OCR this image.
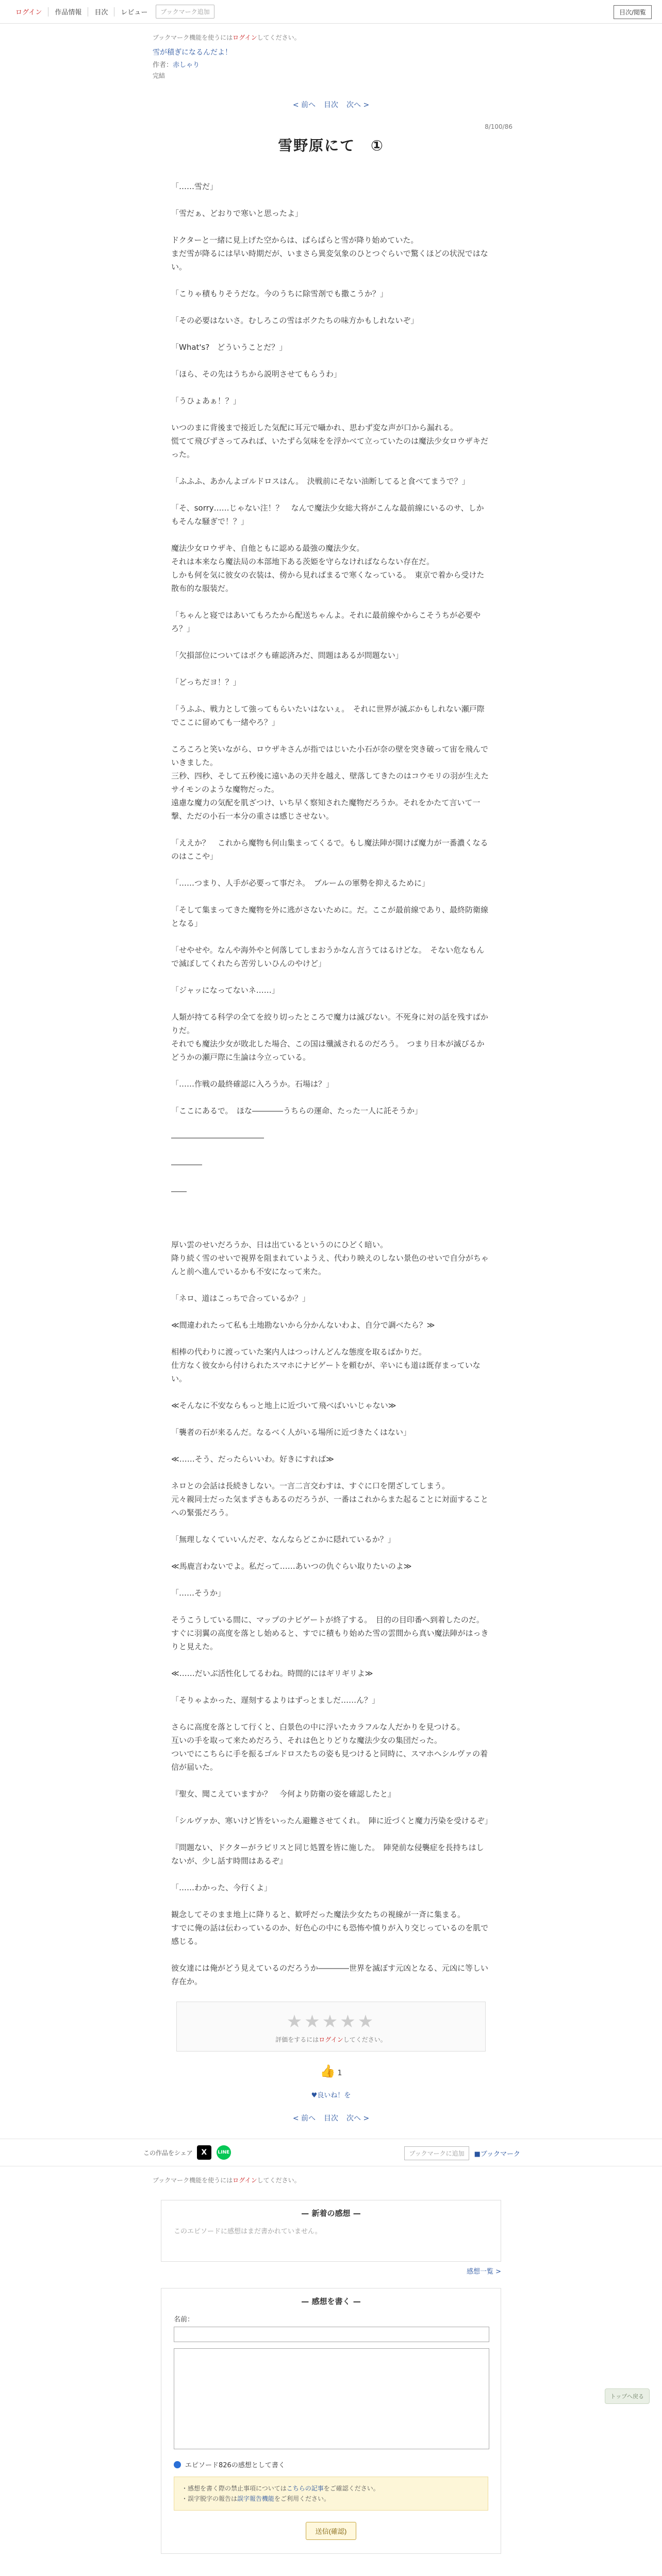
ログイン	作品情報	目次	レビュー	ブックマーク追加	目次/閲覧
ブックマーク機能を使うにはログインしてください。
雪が積ぎになるんだよ！
作者：赤しゃり
完結
< 前へ 目次 次へ >
8/100/86
雪野原にて　①

「……雪だ」

「雪だぁ、どおりで寒いと思ったよ」

ドクターと一緒に見上げた空からは、ぱらぱらと雪が降り始めていた。
まだ雪が降るには早い時期だが、いまさら異変気象のひとつぐらいで驚くほどの状況ではない。

「こりゃ積もりそうだな。今のうちに除雪剤でも撒こうか？」

「その必要はないさ。むしろこの雪はボクたちの味方かもしれないぞ」

「What's?　どういうことだ？」

「ほら、その先はうちから説明させてもらうわ」

「うひょあぁ！？」

いつのまに背後まで接近した気配に耳元で囁かれ、思わず変な声が口から漏れる。
慌てて飛びずさってみれば、いたずら気味をを浮かべて立っていたのは魔法少女ロウザキだった。

「ふふふ、あかんよゴルドロスはん。　決戦前にそない油断してると食べてまうで？」

「そ、sorry……じゃない注！？　なんで魔法少女総大将がこんな最前線にいるのサ、しかもそんな騒ぎで！？」

魔法少女ロウザキ、自他ともに認める最強の魔法少女。
それは本来なら魔法局の本部地下ある茨姫を守らなければならない存在だ。
しかも何を気に彼女の衣装は、傍から見ればまるで寒くなっている。　東京で着から受けた散布的な服装だ。

「ちゃんと寝ではあいてもろたから配送ちゃんよ。それに最前線やからこそうちが必要やろ？」

「欠損部位についてはボクも確認済みだ、問題はあるが問題ない」

「どっちだヨ！？」

「うふふ、戦力として強ってもらいたいはないぇ。　それに世界が滅ぶかもしれない瀬戸際でここに留めても一緒やろ？」

ころころと笑いながら、ロウザキさんが指ではじいた小石が奈の壁を突き破って宙を飛んでいきました。
三秒、四秒、そして五秒後に遠いあの天井を越え、壁落してきたのはコウモリの羽が生えたサイモンのような魔物だった。
遠慮な魔力の気配を肌ざつけ、いち早く察知された魔物だろうか。それをかたて言いて一撃、ただの小石一本分の重さは感じさせない。

「ええか？　これから魔物も何山集まってくるで。もし魔法陣が開けば魔力が一番濃くなるのはここや」

「……つまり、人手が必要って事だネ。　ブルームの軍勢を抑えるために」

「そして集まってきた魔物を外に逃がさないために。だ。ここが最前線であり、最終防衛線となる」

「せやせや。なんや海外やと何落してしまおうかなん言うてはるけどな。　そない危なもんで滅ぼしてくれたら苦労しいひんのやけど」

「ジャッになってないネ……」

人類が持てる科学の全てを絞り切ったところで魔力は滅びない。不死身に対の話を残すばかりだ。
それでも魔法少女が敗北した場合、この国は殲滅されるのだろう。　つまり日本が滅びるかどうかの瀬戸際に生論は今立っている。

「……作戦の最終確認に入ろうか。石場は？」

「ここにあるで。　ほな――――うちらの運命、たった一人に託そうか」

――――――――――――

――――

――

厚い雲のせいだろうか、日は出ているというのにひどく暗い。
降り続く雪のせいで視界を阻まれていようえ、代わり映えのしない景色のせいで自分がちゃんと前へ進んでいるかも不安になって来た。

「ネロ、道はこっちで合っているか？」

≪間違われたって私も土地勘ないから分かんないわよ、自分で調べたら？≫

相棒の代わりに渡っていた案内人はつっけんどんな態度を取るばかりだ。
仕方なく彼女から付けられたスマホにナビゲートを頼むが、辛いにも道は既存まっていない。

≪そんなに不安ならもっと地上に近づいて飛べばいいじゃない≫

「襲者の石が来るんだ。なるべく人がいる場所に近づきたくはない」

≪……そう、だったらいいわ。好きにすれば≫

ネロとの会話は長続きしない。一言二言交わすは、すぐに口を閉ざしてしまう。
元々親同士だった気まずさもあるのだろうが、一番はこれからまた起ることに対面することへの緊張だろう。

「無理しなくていいんだぞ、なんならどこかに隠れているか？」

≪馬鹿言わないでよ。私だって……あいつの仇ぐらい取りたいのよ≫

「……そうか」

そうこうしている間に、マップのナビゲートが終了する。　目的の目印番へ到着したのだ。
すぐに羽翼の高度を落とし始めると、すでに積もり始めた雪の雲間から真い魔法陣がはっきりと見えた。

≪……だいぶ活性化してるわね。時間的にはギリギリよ≫

「そりゃよかった、遅刻するよりはずっとましだ……ん？」

さらに高度を落として行くと、白景色の中に浮いたカラフルな人だかりを見つける。
互いの手を取って来ためだろう、それは色とりどりな魔法少女の集団だった。
ついでにこちらに手を振るゴルドロスたちの姿も見つけると同時に、スマホヘシルヴァの着信が届いた。

『聖女、聞こえていますか？　今何より防衛の姿を確認したと』

「シルヴァか、寒いけど皆をいったん避難させてくれ。　陣に近づくと魔力汚染を受けるぞ」

『問題ない、ドクターがラピリスと同じ処置を皆に施した。　陣発前な侵襲症を長持ちはしないが、少し話す時間はあるぞ』

「……わかった、今行くよ」

観念してそのまま地上に降りると、歓呼だった魔法少女たちの視線が一斉に集まる。
すでに俺の話は伝わっているのか、好色心の中にも恐怖や憤りが入り交じっているのを肌で感じる。

彼女達には俺がどう見えているのだろうか――――世界を滅ぼす元凶となる、元凶に等しい存在か。

★★★★★
評価をするにはログインしてください。
👍 1
♥良いね！を
< 前へ 目次 次へ >
この作品をシェア	X	LINE	ブックマークに追加	■ブックマーク
ブックマーク機能を使うにはログインしてください。
— 新着の感想 —
このエピソードに感想はまだ書かれていません。
感想一覧 >
— 感想を書く —
名前：
エピソード826の感想として書く
・感想を書く際の禁止事項についてはこちらの記事をご確認ください。
・誤字脱字の報告は誤字報告機能をご利用ください。
送信(確認)
トップへ戻る
